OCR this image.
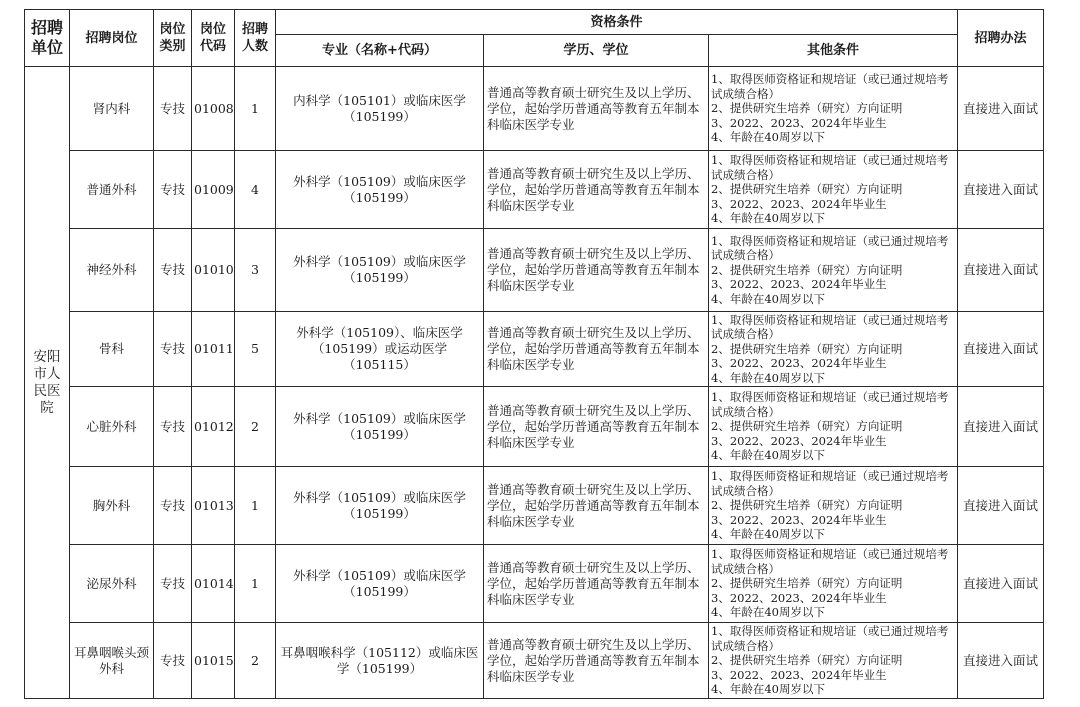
招聘单位	招聘岗位	岗位类别	岗位代码	招聘人数	资格条件			招聘办法
					专业（名称+代码）	学历、学位	其他条件	
安阳市人民医院	肾内科	专技	01008	1	内科学（105101）或临床医学（105199）	普通高等教育硕士研究生及以上学历、学位，起始学历普通高等教育五年制本科临床医学专业	1、取得医师资格证和规培证（或已通过规培考试成绩合格）
2、提供研究生培养（研究）方向证明
3、2022、2023、2024年毕业生
4、年龄在40周岁以下	直接进入面试
	普通外科	专技	01009	4	外科学（105109）或临床医学（105199）	普通高等教育硕士研究生及以上学历、学位，起始学历普通高等教育五年制本科临床医学专业	1、取得医师资格证和规培证（或已通过规培考试成绩合格）
2、提供研究生培养（研究）方向证明
3、2022、2023、2024年毕业生
4、年龄在40周岁以下	直接进入面试
	神经外科	专技	01010	3	外科学（105109）或临床医学（105199）	普通高等教育硕士研究生及以上学历、学位，起始学历普通高等教育五年制本科临床医学专业	1、取得医师资格证和规培证（或已通过规培考试成绩合格）
2、提供研究生培养（研究）方向证明
3、2022、2023、2024年毕业生
4、年龄在40周岁以下	直接进入面试
	骨科	专技	01011	5	外科学（105109）、临床医学（105199）或运动医学（105115）	普通高等教育硕士研究生及以上学历、学位，起始学历普通高等教育五年制本科临床医学专业	1、取得医师资格证和规培证（或已通过规培考试成绩合格）
2、提供研究生培养（研究）方向证明
3、2022、2023、2024年毕业生
4、年龄在40周岁以下	直接进入面试
	心脏外科	专技	01012	2	外科学（105109）或临床医学（105199）	普通高等教育硕士研究生及以上学历、学位，起始学历普通高等教育五年制本科临床医学专业	1、取得医师资格证和规培证（或已通过规培考试成绩合格）
2、提供研究生培养（研究）方向证明
3、2022、2023、2024年毕业生
4、年龄在40周岁以下	直接进入面试
	胸外科	专技	01013	1	外科学（105109）或临床医学（105199）	普通高等教育硕士研究生及以上学历、学位，起始学历普通高等教育五年制本科临床医学专业	1、取得医师资格证和规培证（或已通过规培考试成绩合格）
2、提供研究生培养（研究）方向证明
3、2022、2023、2024年毕业生
4、年龄在40周岁以下	直接进入面试
	泌尿外科	专技	01014	1	外科学（105109）或临床医学（105199）	普通高等教育硕士研究生及以上学历、学位，起始学历普通高等教育五年制本科临床医学专业	1、取得医师资格证和规培证（或已通过规培考试成绩合格）
2、提供研究生培养（研究）方向证明
3、2022、2023、2024年毕业生
4、年龄在40周岁以下	直接进入面试
	耳鼻咽喉头颈外科	专技	01015	2	耳鼻咽喉科学（105112）或临床医学（105199）	普通高等教育硕士研究生及以上学历、学位，起始学历普通高等教育五年制本科临床医学专业	1、取得医师资格证和规培证（或已通过规培考试成绩合格）
2、提供研究生培养（研究）方向证明
3、2022、2023、2024年毕业生
4、年龄在40周岁以下	直接进入面试
